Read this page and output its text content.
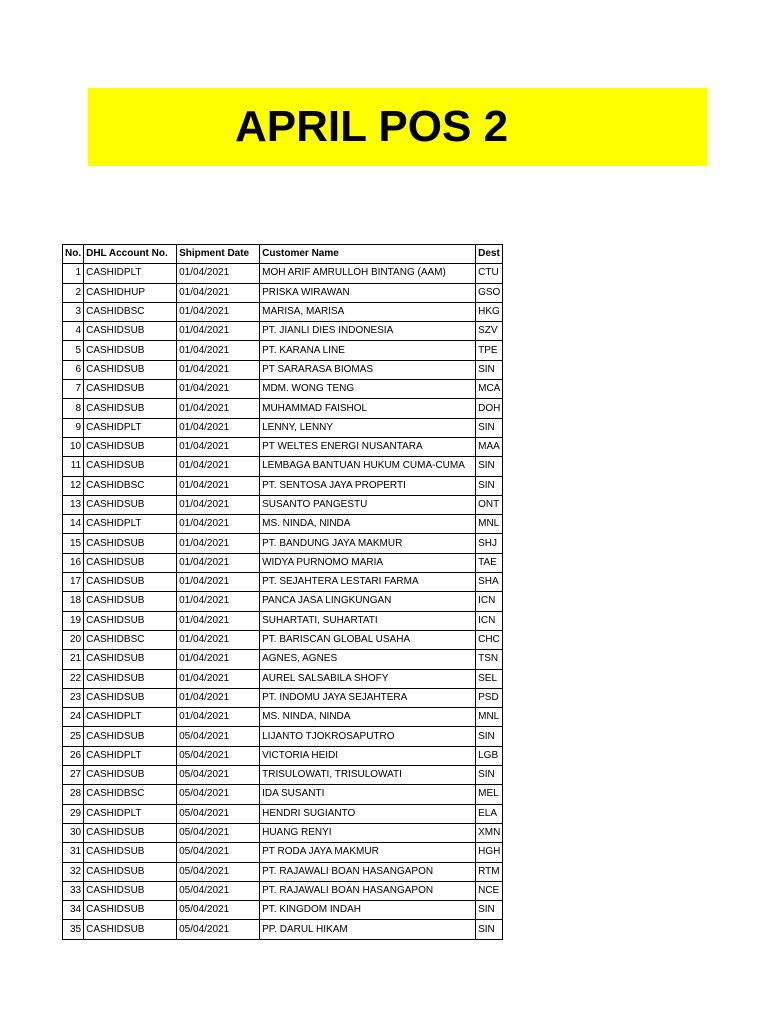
APRIL POS 2
No.	DHL Account No.	Shipment Date	Customer Name	Dest
1	CASHIDPLT	01/04/2021	MOH ARIF AMRULLOH BINTANG (AAM)	CTU
2	CASHIDHUP	01/04/2021	PRISKA WIRAWAN	GSO
3	CASHIDBSC	01/04/2021	MARISA, MARISA	HKG
4	CASHIDSUB	01/04/2021	PT. JIANLI DIES INDONESIA	SZV
5	CASHIDSUB	01/04/2021	PT. KARANA LINE	TPE
6	CASHIDSUB	01/04/2021	PT SARARASA BIOMAS	SIN
7	CASHIDSUB	01/04/2021	MDM. WONG TENG	MCA
8	CASHIDSUB	01/04/2021	MUHAMMAD FAISHOL	DOH
9	CASHIDPLT	01/04/2021	LENNY, LENNY	SIN
10	CASHIDSUB	01/04/2021	PT WELTES ENERGI NUSANTARA	MAA
11	CASHIDSUB	01/04/2021	LEMBAGA BANTUAN HUKUM CUMA-CUMA	SIN
12	CASHIDBSC	01/04/2021	PT. SENTOSA JAYA PROPERTI	SIN
13	CASHIDSUB	01/04/2021	SUSANTO PANGESTU	ONT
14	CASHIDPLT	01/04/2021	MS. NINDA, NINDA	MNL
15	CASHIDSUB	01/04/2021	PT. BANDUNG JAYA MAKMUR	SHJ
16	CASHIDSUB	01/04/2021	WIDYA PURNOMO MARIA	TAE
17	CASHIDSUB	01/04/2021	PT. SEJAHTERA LESTARI FARMA	SHA
18	CASHIDSUB	01/04/2021	PANCA JASA LINGKUNGAN	ICN
19	CASHIDSUB	01/04/2021	SUHARTATI, SUHARTATI	ICN
20	CASHIDBSC	01/04/2021	PT. BARISCAN GLOBAL USAHA	CHC
21	CASHIDSUB	01/04/2021	AGNES, AGNES	TSN
22	CASHIDSUB	01/04/2021	AUREL SALSABILA SHOFY	SEL
23	CASHIDSUB	01/04/2021	PT. INDOMU JAYA SEJAHTERA	PSD
24	CASHIDPLT	01/04/2021	MS. NINDA, NINDA	MNL
25	CASHIDSUB	05/04/2021	LIJANTO TJOKROSAPUTRO	SIN
26	CASHIDPLT	05/04/2021	VICTORIA HEIDI	LGB
27	CASHIDSUB	05/04/2021	TRISULOWATI, TRISULOWATI	SIN
28	CASHIDBSC	05/04/2021	IDA SUSANTI	MEL
29	CASHIDPLT	05/04/2021	HENDRI SUGIANTO	ELA
30	CASHIDSUB	05/04/2021	HUANG RENYI	XMN
31	CASHIDSUB	05/04/2021	PT RODA JAYA MAKMUR	HGH
32	CASHIDSUB	05/04/2021	PT. RAJAWALI BOAN HASANGAPON	RTM
33	CASHIDSUB	05/04/2021	PT. RAJAWALI BOAN HASANGAPON	NCE
34	CASHIDSUB	05/04/2021	PT. KINGDOM INDAH	SIN
35	CASHIDSUB	05/04/2021	PP. DARUL HIKAM	SIN
